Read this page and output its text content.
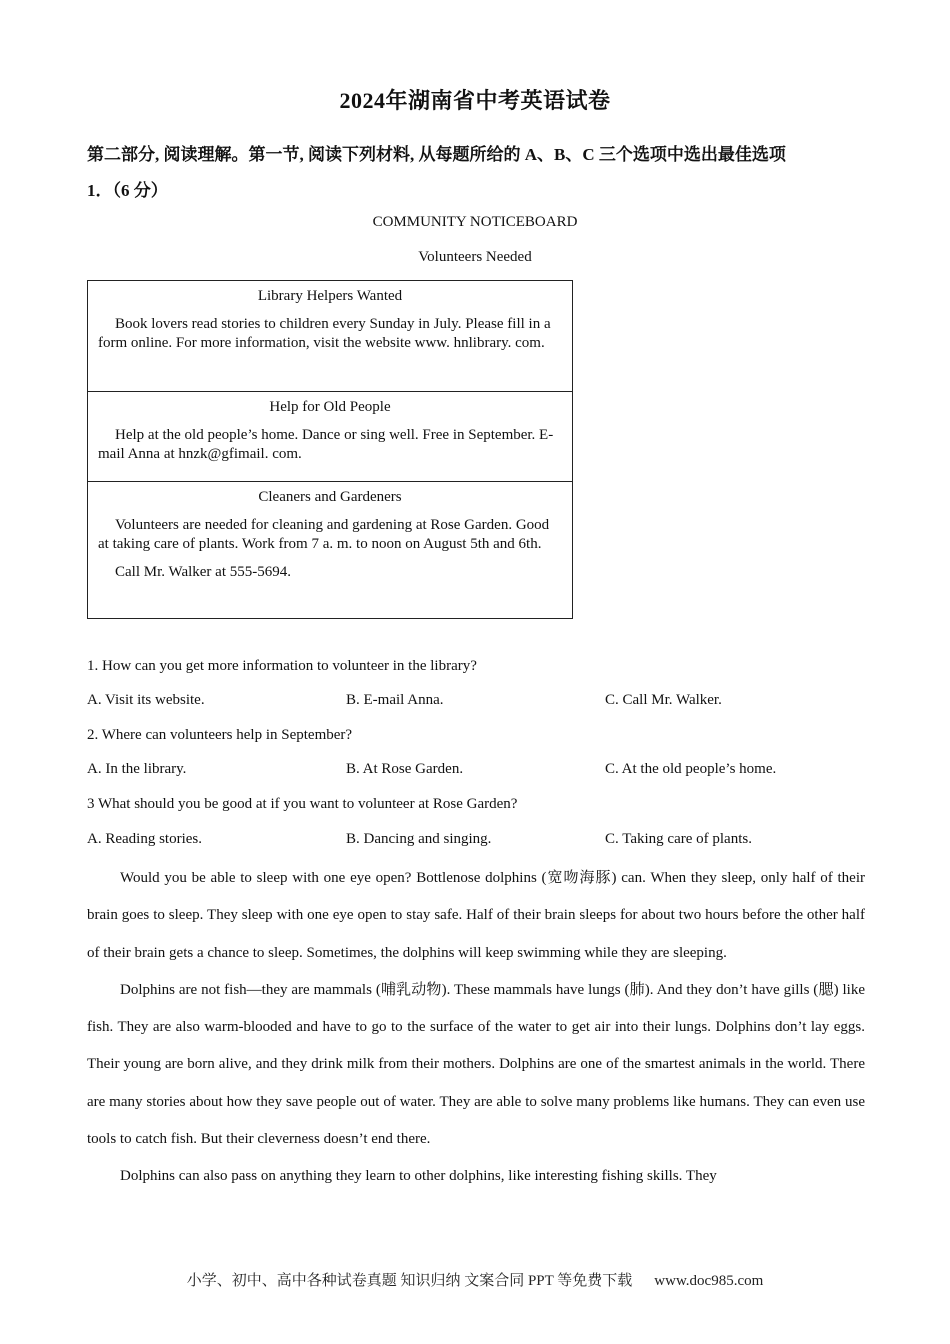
2024年湖南省中考英语试卷
第二部分, 阅读理解。第一节, 阅读下列材料, 从每题所给的 A、B、C 三个选项中选出最佳选项
1．（6 分）
COMMUNITY NOTICEBOARD
Volunteers Needed
Library Helpers Wanted

Book lovers read stories to children every Sunday in July. Please fill in a form online. For more information, visit the website www. hnlibrary. com.

Help for Old People

Help at the old people’s home. Dance or sing well. Free in September. E-mail Anna at hnzk@gfimail. com.

Cleaners and Gardeners

Volunteers are needed for cleaning and gardening at Rose Garden. Good at taking care of plants. Work from 7 a. m. to noon on August 5th and 6th.

Call Mr. Walker at 555-5694.

1. How can you get more information to volunteer in the library?
A. Visit its website.	B. E-mail Anna.	C. Call Mr. Walker.
2. Where can volunteers help in September?
A. In the library.	B. At Rose Garden.	C. At the old people’s home.
3 What should you be good at if you want to volunteer at Rose Garden?
A. Reading stories.	B. Dancing and singing.	C. Taking care of plants.

Would you be able to sleep with one eye open? Bottlenose dolphins (宽吻海豚) can. When they sleep, only half of their brain goes to sleep. They sleep with one eye open to stay safe. Half of their brain sleeps for about two hours before the other half of their brain gets a chance to sleep. Sometimes, the dolphins will keep swimming while they are sleeping.

Dolphins are not fish—they are mammals (哺乳动物). These mammals have lungs (肺). And they don’t have gills (腮) like fish. They are also warm-blooded and have to go to the surface of the water to get air into their lungs. Dolphins don’t lay eggs. Their young are born alive, and they drink milk from their mothers. Dolphins are one of the smartest animals in the world. There are many stories about how they save people out of water. They are able to solve many problems like humans. They can even use tools to catch fish. But their cleverness doesn’t end there.

Dolphins can also pass on anything they learn to other dolphins, like interesting fishing skills. They

小学、初中、高中各种试卷真题 知识归纳 文案合同 PPT 等免费下载 www.doc985.com
